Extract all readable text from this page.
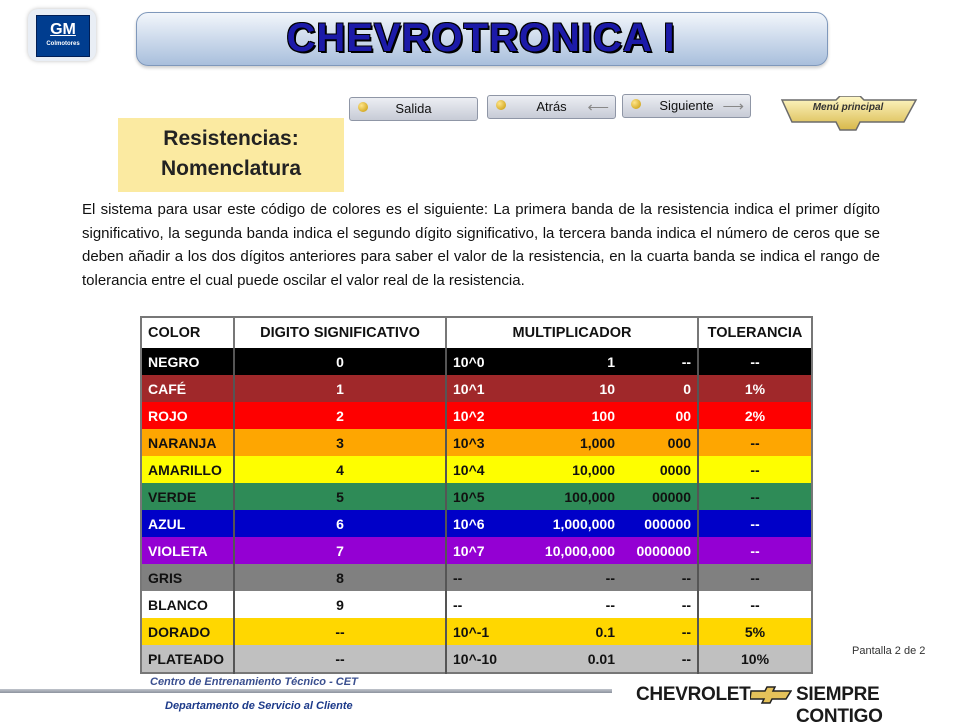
GM
Colmotores	CHEVROTRONICA I
Salida	Atrás	⟵	Siguiente ⟶	Menú principal
Resistencias:
Nomenclatura

El sistema para usar este código de colores es el siguiente: La primera banda de la resistencia indica el primer dígito significativo, la segunda banda indica el segundo dígito significativo, la tercera banda indica el número de ceros que se deben añadir a los dos dígitos anteriores para saber el valor de la resistencia, en la cuarta banda se indica el rango de tolerancia entre el cual puede oscilar el valor real de la resistencia.

COLOR	DIGITO SIGNIFICATIVO	MULTIPLICADOR			TOLERANCIA
NEGRO	0	10^0	1	--	--
CAFÉ	1	10^1	10	0	1%
ROJO	2	10^2	100	00	2%
NARANJA	3	10^3	1,000	000	--
AMARILLO	4	10^4	10,000	0000	--
VERDE	5	10^5	100,000	00000	--
AZUL	6	10^6	1,000,000	000000	--
VIOLETA	7	10^7	10,000,000	0000000	--
GRIS	8	--	--	--	--
BLANCO	9	--	--	--	--
DORADO	--	10^-1	0.1	--	5%
PLATEADO	--	10^-10	0.01	--	10%	Pantalla 2 de 2
Centro de Entrenamiento Técnico - CET
Departamento de Servicio al Cliente
CHEVROLET SIEMPRE CONTIGO
